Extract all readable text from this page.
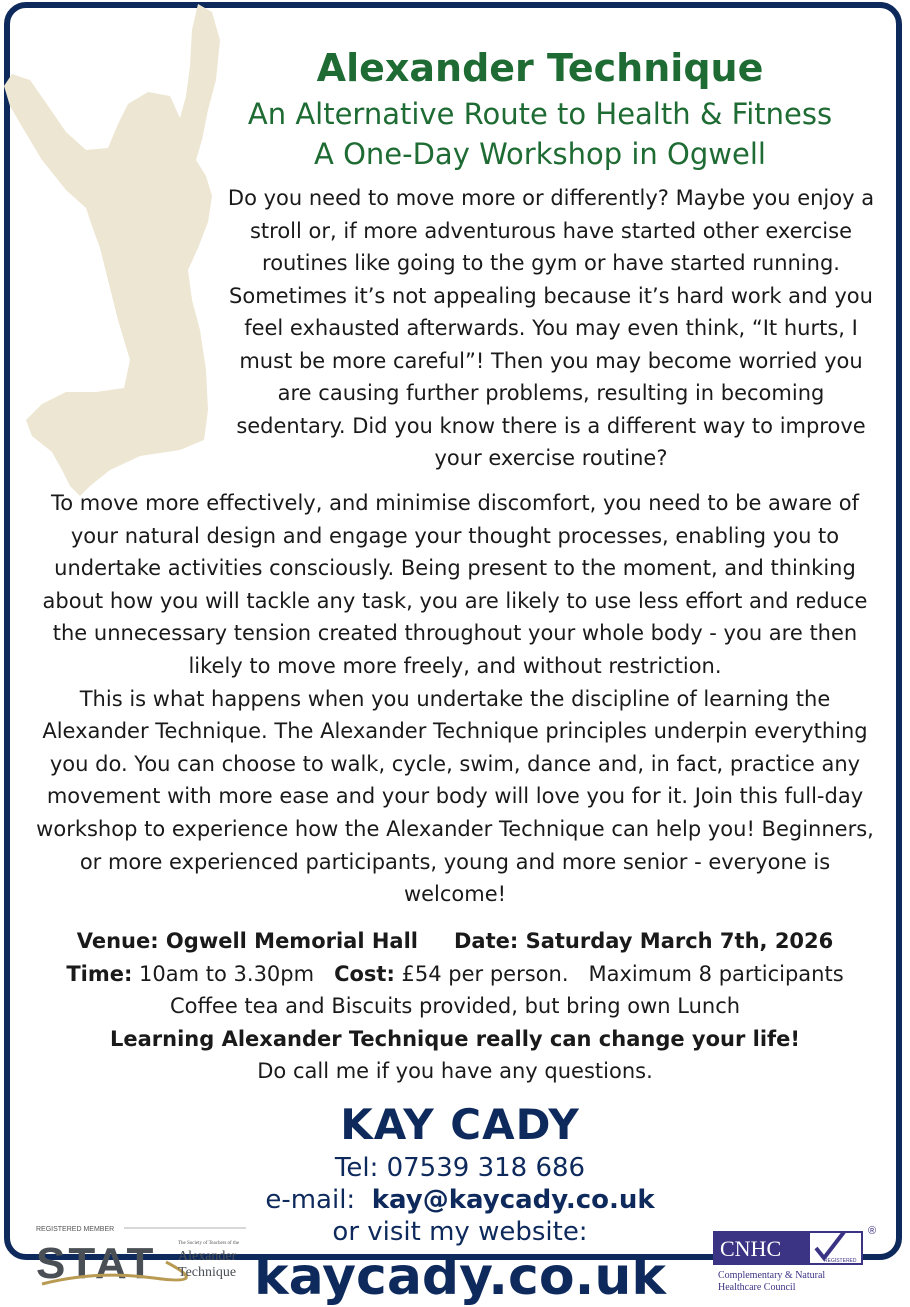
Alexander Technique
An Alternative Route to Health & Fitness
A One-Day Workshop in Ogwell
Do you need to move more or differently? Maybe you enjoy a stroll or, if more adventurous have started other exercise routines like going to the gym or have started running. Sometimes it’s not appealing because it’s hard work and you feel exhausted afterwards. You may even think, “It hurts, I must be more careful”! Then you may become worried you are causing further problems, resulting in becoming sedentary. Did you know there is a different way to improve your exercise routine?

To move more effectively, and minimise discomfort, you need to be aware of your natural design and engage your thought processes, enabling you to undertake activities consciously. Being present to the moment, and thinking about how you will tackle any task, you are likely to use less effort and reduce the unnecessary tension created throughout your whole body - you are then likely to move more freely, and without restriction.

This is what happens when you undertake the discipline of learning the Alexander Technique. The Alexander Technique principles underpin everything you do. You can choose to walk, cycle, swim, dance and, in fact, practice any movement with more ease and your body will love you for it. Join this full-day workshop to experience how the Alexander Technique can help you! Beginners, or more experienced participants, young and more senior - everyone is welcome!

Venue: Ogwell Memorial Hall Date: Saturday March 7th, 2026

Time: 10am to 3.30pm Cost: £54 per person. Maximum 8 participants

Coffee tea and Biscuits provided, but bring own Lunch

Learning Alexander Technique really can change your life!

Do call me if you have any questions.

KAY CADY
Tel: 07539 318 686
e-mail: kay@kaycady.co.uk
or visit my website:
kaycady.co.uk
REGISTERED MEMBER
STAT	The Society of Teachers of the
Alexander
Technique
CNHC	REGISTERED
®
Complementary & Natural
Healthcare Council
